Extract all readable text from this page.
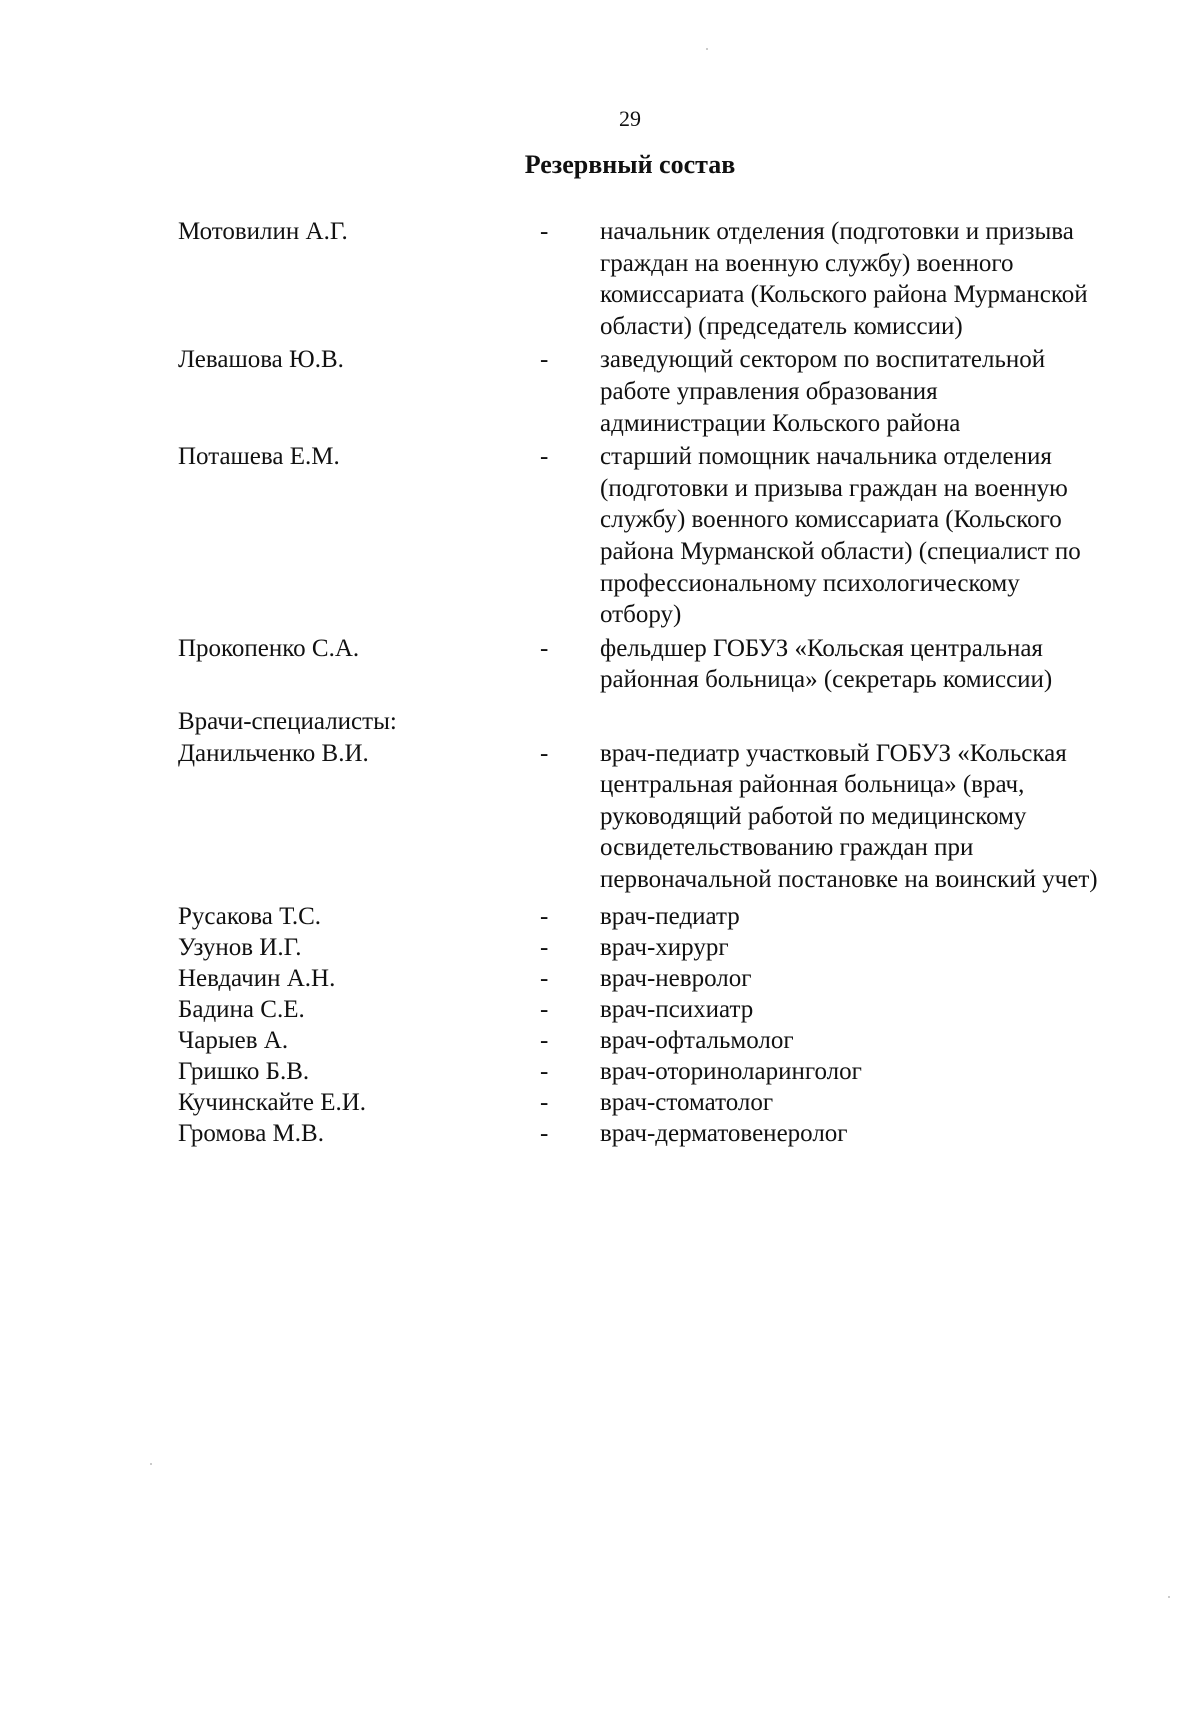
29
Резервный состав
Мотовилин А.Г.	-	начальник отделения (подготовки и призыва граждан на военную службу) военного комиссариата (Кольского района Мурманской области) (председатель комиссии)
Левашова Ю.В.	-	заведующий сектором по воспитательной работе управления образования администрации Кольского района
Поташева Е.М.	-	старший помощник начальника отделения (подготовки и призыва граждан на военную службу) военного комиссариата (Кольского района Мурманской области) (специалист по профессиональному психологическому отбору)
Прокопенко С.А.	-	фельдшер ГОБУЗ «Кольская центральная районная больница» (секретарь комиссии)
Врачи-специалисты:
Данильченко В.И.	-	врач-педиатр участковый ГОБУЗ «Кольская центральная районная больница» (врач, руководящий работой по медицинскому освидетельствованию граждан при первоначальной постановке на воинский учет)
Русакова Т.С.	-	врач-педиатр
Узунов И.Г.	-	врач-хирург
Невдачин А.Н.	-	врач-невролог
Бадина С.Е.	-	врач-психиатр
Чарыев А.	-	врач-офтальмолог
Гришко Б.В.	-	врач-оториноларинголог
Кучинскайте Е.И.	-	врач-стоматолог
Громова М.В.	-	врач-дерматовенеролог
